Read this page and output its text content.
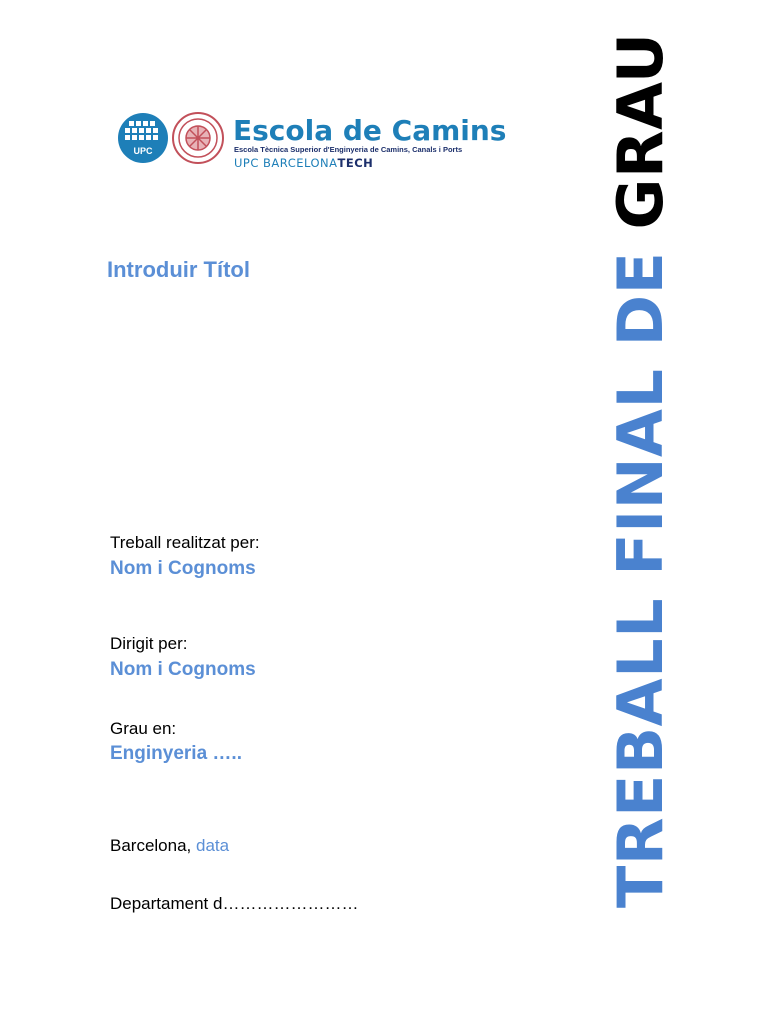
UPC
Escola de Camins
Escola Tècnica Superior d'Enginyeria de Camins, Canals i Ports
UPC BARCELONATECH
Introduir Títol
Treball realitzat per:
Nom i Cognoms
Dirigit per:
Nom i Cognoms
Grau en:
Enginyeria …..
Barcelona, data
Departament d……………………	TREBALL FINAL DE GRAU
